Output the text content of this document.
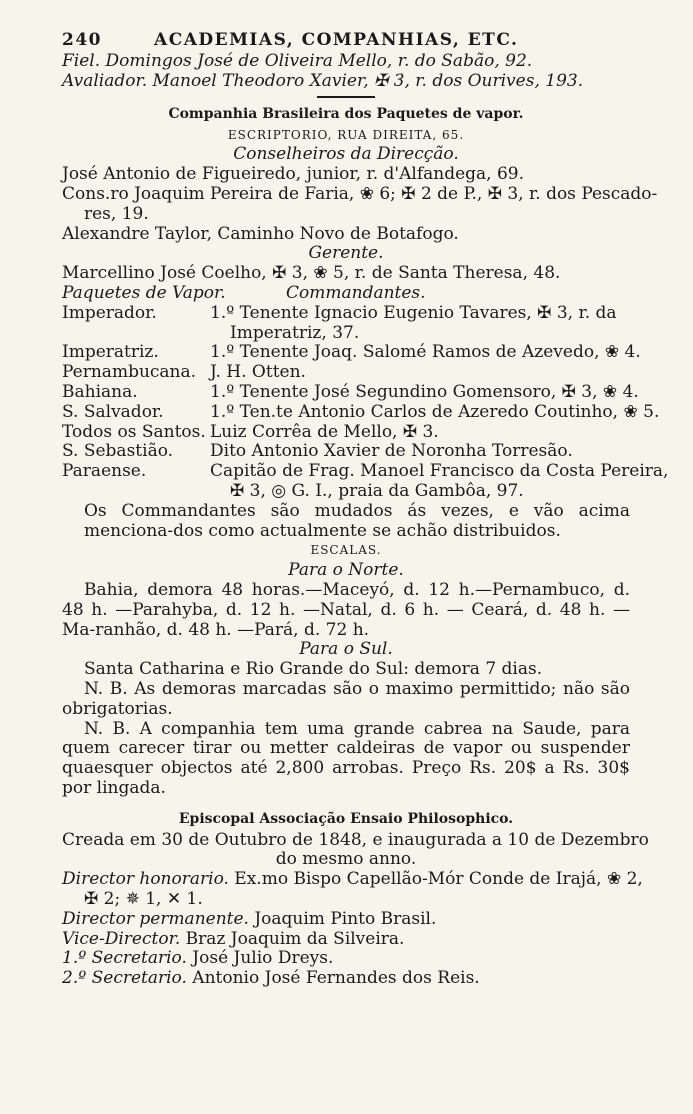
240	ACADEMIAS, COMPANHIAS, ETC.
Fiel. Domingos José de Oliveira Mello, r. do Sabão, 92.
Avaliador. Manoel Theodoro Xavier, ✠ 3, r. dos Ourives, 193.
Companhia Brasileira dos Paquetes de vapor.
ESCRIPTORIO, RUA DIREITA, 65.
Conselheiros da Direcção.
José Antonio de Figueiredo, junior, r. d'Alfandega, 69.
Cons.ro Joaquim Pereira de Faria, ❀ 6; ✠ 2 de P., ✠ 3, r. dos Pescado-
res, 19.
Alexandre Taylor, Caminho Novo de Botafogo.
Gerente.
Marcellino José Coelho, ✠ 3, ❀ 5, r. de Santa Theresa, 48.
Paquetes de Vapor.	Commandantes.
Imperador.	1.º Tenente Ignacio Eugenio Tavares, ✠ 3, r. da
Imperatriz, 37.
Imperatriz.	1.º Tenente Joaq. Salomé Ramos de Azevedo, ❀ 4.
Pernambucana. J. H. Otten.
Bahiana.	1.º Tenente José Segundino Gomensoro, ✠ 3, ❀ 4.
S. Salvador.	1.º Ten.te Antonio Carlos de Azeredo Coutinho, ❀ 5.
Todos os Santos. Luiz Corrêa de Mello, ✠ 3.
S. Sebastião.	Dito Antonio Xavier de Noronha Torresão.
Paraense.	Capitão de Frag. Manoel Francisco da Costa Pereira,
✠ 3, ◎ G. I., praia da Gambôa, 97.
Os Commandantes são mudados ás vezes, e vão acima menciona-dos como actualmente se achão distribuidos.
ESCALAS.
Para o Norte.
Bahia, demora 48 horas.—Maceyó, d. 12 h.—Pernambuco, d. 48 h. —Parahyba, d. 12 h. —Natal, d. 6 h. — Ceará, d. 48 h. —Ma-ranhão, d. 48 h. —Pará, d. 72 h.
Para o Sul.
Santa Catharina e Rio Grande do Sul: demora 7 dias.
N. B. As demoras marcadas são o maximo permittido; não são obrigatorias.
N. B. A companhia tem uma grande cabrea na Saude, para quem carecer tirar ou metter caldeiras de vapor ou suspender quaesquer objectos até 2,800 arrobas. Preço Rs. 20$ a Rs. 30$ por lingada.
Episcopal Associação Ensaio Philosophico.
Creada em 30 de Outubro de 1848, e inaugurada a 10 de Dezembro
do mesmo anno.
Director honorario. Ex.mo Bispo Capellão-Mór Conde de Irajá, ❀ 2,
✠ 2; ✵ 1, ✕ 1.
Director permanente. Joaquim Pinto Brasil.
Vice-Director. Braz Joaquim da Silveira.
1.º Secretario. José Julio Dreys.
2.º Secretario. Antonio José Fernandes dos Reis.
